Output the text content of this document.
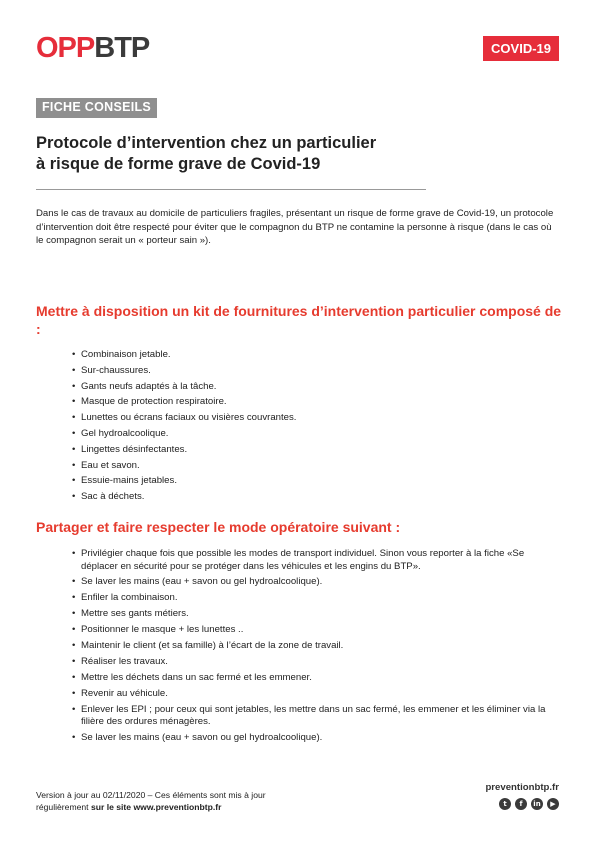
OPPBTP	COVID-19
FICHE CONSEILS
Protocole d’intervention chez un particulier
à risque de forme grave de Covid-19

Dans le cas de travaux au domicile de particuliers fragiles, présentant un risque de forme grave de Covid-19, un protocole d’intervention doit être respecté pour éviter que le compagnon du BTP ne contamine la personne à risque (dans le cas où le compagnon serait un « porteur sain »).

Mettre à disposition un kit de fournitures d’intervention particulier composé de :
• Combinaison jetable.
• Sur-chaussures.
• Gants neufs adaptés à la tâche.
• Masque de protection respiratoire.
• Lunettes ou écrans faciaux ou visières couvrantes.
• Gel hydroalcoolique.
• Lingettes désinfectantes.
• Eau et savon.
• Essuie-mains jetables.
• Sac à déchets.
Partager et faire respecter le mode opératoire suivant :
• Privilégier chaque fois que possible les modes de transport individuel. Sinon vous reporter à la fiche «Se déplacer en sécurité pour se protéger dans les véhicules et les engins du BTP».
• Se laver les mains (eau + savon ou gel hydroalcoolique).
• Enfiler la combinaison.
• Mettre ses gants métiers.
• Positionner le masque + les lunettes ..
• Maintenir le client (et sa famille) à l’écart de la zone de travail.
• Réaliser les travaux.
• Mettre les déchets dans un sac fermé et les emmener.
• Revenir au véhicule.
• Enlever les EPI ; pour ceux qui sont jetables, les mettre dans un sac fermé, les emmener et les éliminer via la filière des ordures ménagères.
• Se laver les mains (eau + savon ou gel hydroalcoolique).

Version à jour au 02/11/2020 – Ces éléments sont mis à jour
régulièrement sur le site www.preventionbtp.fr

preventionbtp.fr
t	f	in	▶
